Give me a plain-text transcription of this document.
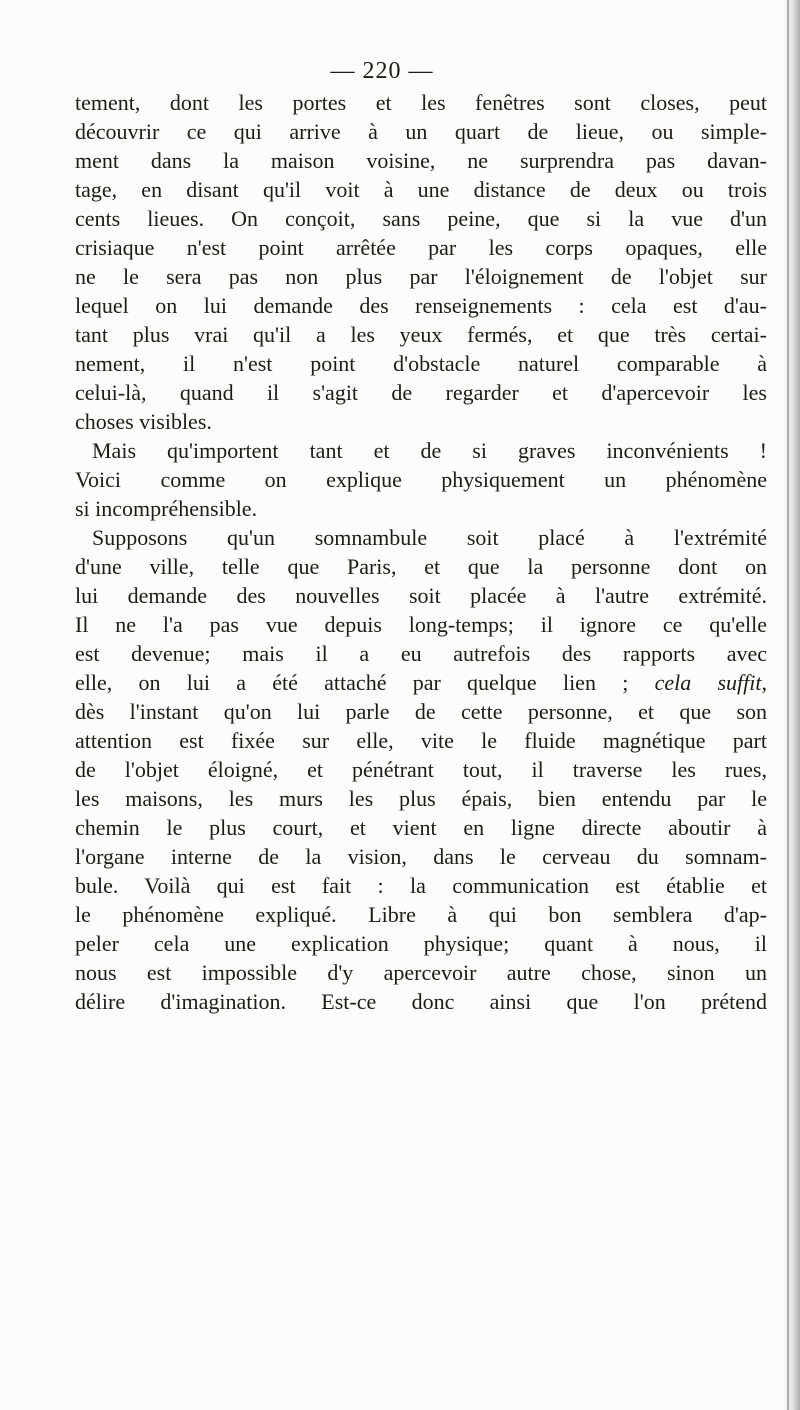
— 220 —
tement, dont les portes et les fenêtres sont closes, peut
découvrir ce qui arrive à un quart de lieue, ou simple-
ment dans la maison voisine, ne surprendra pas davan-
tage, en disant qu'il voit à une distance de deux ou trois
cents lieues. On conçoit, sans peine, que si la vue d'un
crisiaque n'est point arrêtée par les corps opaques, elle
ne le sera pas non plus par l'éloignement de l'objet sur
lequel on lui demande des renseignements : cela est d'au-
tant plus vrai qu'il a les yeux fermés, et que très certai-
nement, il n'est point d'obstacle naturel comparable à
celui-là, quand il s'agit de regarder et d'apercevoir les
choses visibles.
Mais qu'importent tant et de si graves inconvénients !
Voici comme on explique physiquement un phénomène
si incompréhensible.
Supposons qu'un somnambule soit placé à l'extrémité
d'une ville, telle que Paris, et que la personne dont on
lui demande des nouvelles soit placée à l'autre extrémité.
Il ne l'a pas vue depuis long-temps; il ignore ce qu'elle
est devenue; mais il a eu autrefois des rapports avec
elle, on lui a été attaché par quelque lien ; cela suffit,
dès l'instant qu'on lui parle de cette personne, et que son
attention est fixée sur elle, vite le fluide magnétique part
de l'objet éloigné, et pénétrant tout, il traverse les rues,
les maisons, les murs les plus épais, bien entendu par le
chemin le plus court, et vient en ligne directe aboutir à
l'organe interne de la vision, dans le cerveau du somnam-
bule. Voilà qui est fait : la communication est établie et
le phénomène expliqué. Libre à qui bon semblera d'ap-
peler cela une explication physique; quant à nous, il
nous est impossible d'y apercevoir autre chose, sinon un
délire d'imagination. Est-ce donc ainsi que l'on prétend
